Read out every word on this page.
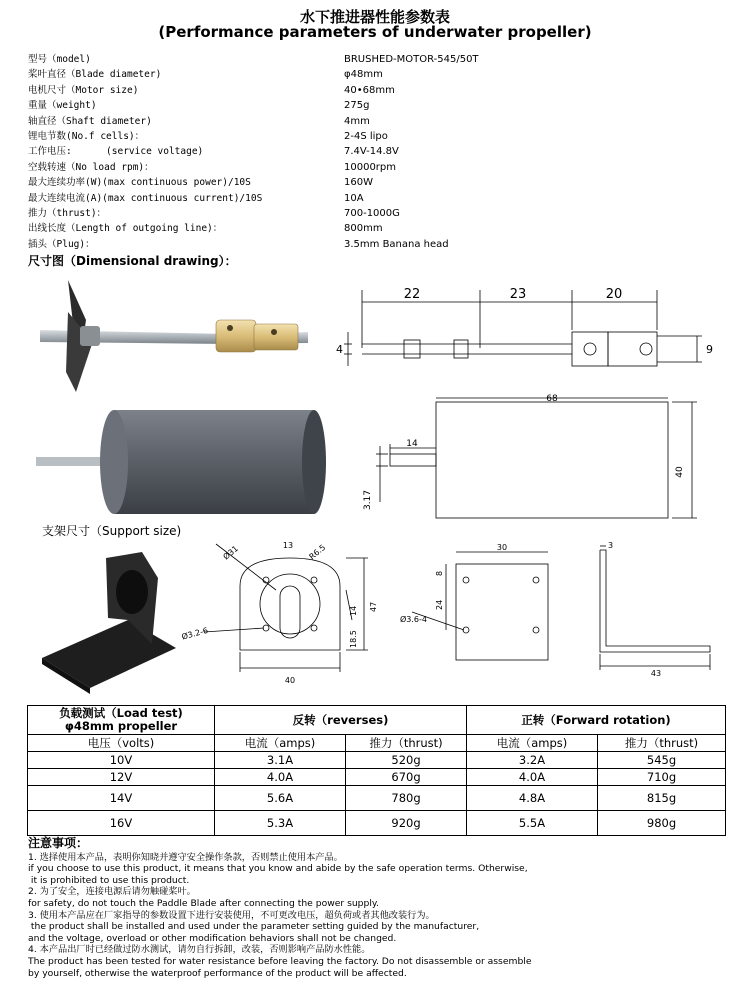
水下推进器性能参数表
(Performance parameters of underwater propeller)
型号（model)	BRUSHED-MOTOR-545/50T
桨叶直径（Blade diameter)	φ48mm
电机尺寸（Motor size)	40•68mm
重量（weight)	275g
轴直径（Shaft diameter)	4mm
锂电节数(No.f cells)：	2-4S lipo
工作电压:      (service voltage)	7.4V-14.8V
空载转速（No load rpm)：	10000rpm
最大连续功率(W)(max continuous power)/10S	160W
最大连续电流(A)(max continuous current)/10S	10A
推力（thrust)：	700-1000G
出线长度（Length of outgoing line)：	800mm
插头（Plug)：	3.5mm Banana head
尺寸图（Dimensional drawing）：
22	23	20
4	9
68
14
40
3.17
支架尺寸（Support size)
Ø31	13 R6.5
Ø3.2-6
14
18.5
47
40
30
8
24
Ø3.6-4
3
43
负载测试（Load test)
φ48mm propeller	反转（reverses)		正转（Forward rotation)	
电压（volts)	电流（amps)	推力（thrust)	电流（amps)	推力（thrust)
10V	3.1A	520g	3.2A	545g
12V	4.0A	670g	4.0A	710g
14V	5.6A	780g	4.8A	815g
16V	5.3A	920g	5.5A	980g
注意事项：
1. 选择使用本产品，表明你知晓并遵守安全操作条款，否则禁止使用本产品。
if you choose to use this product, it means that you know and abide by the safe operation terms. Otherwise,
it is prohibited to use this product.
2. 为了安全，连接电源后请勿触碰桨叶。
for safety, do not touch the Paddle Blade after connecting the power supply.
3. 使用本产品应在厂家指导的参数设置下进行安装使用，不可更改电压，超负荷或者其他改装行为。
the product shall be installed and used under the parameter setting guided by the manufacturer,
and the voltage, overload or other modification behaviors shall not be changed.
4. 本产品出厂时已经做过防水测试，请勿自行拆卸，改装，否则影响产品防水性能。
The product has been tested for water resistance before leaving the factory. Do not disassemble or assemble
by yourself, otherwise the waterproof performance of the product will be affected.
